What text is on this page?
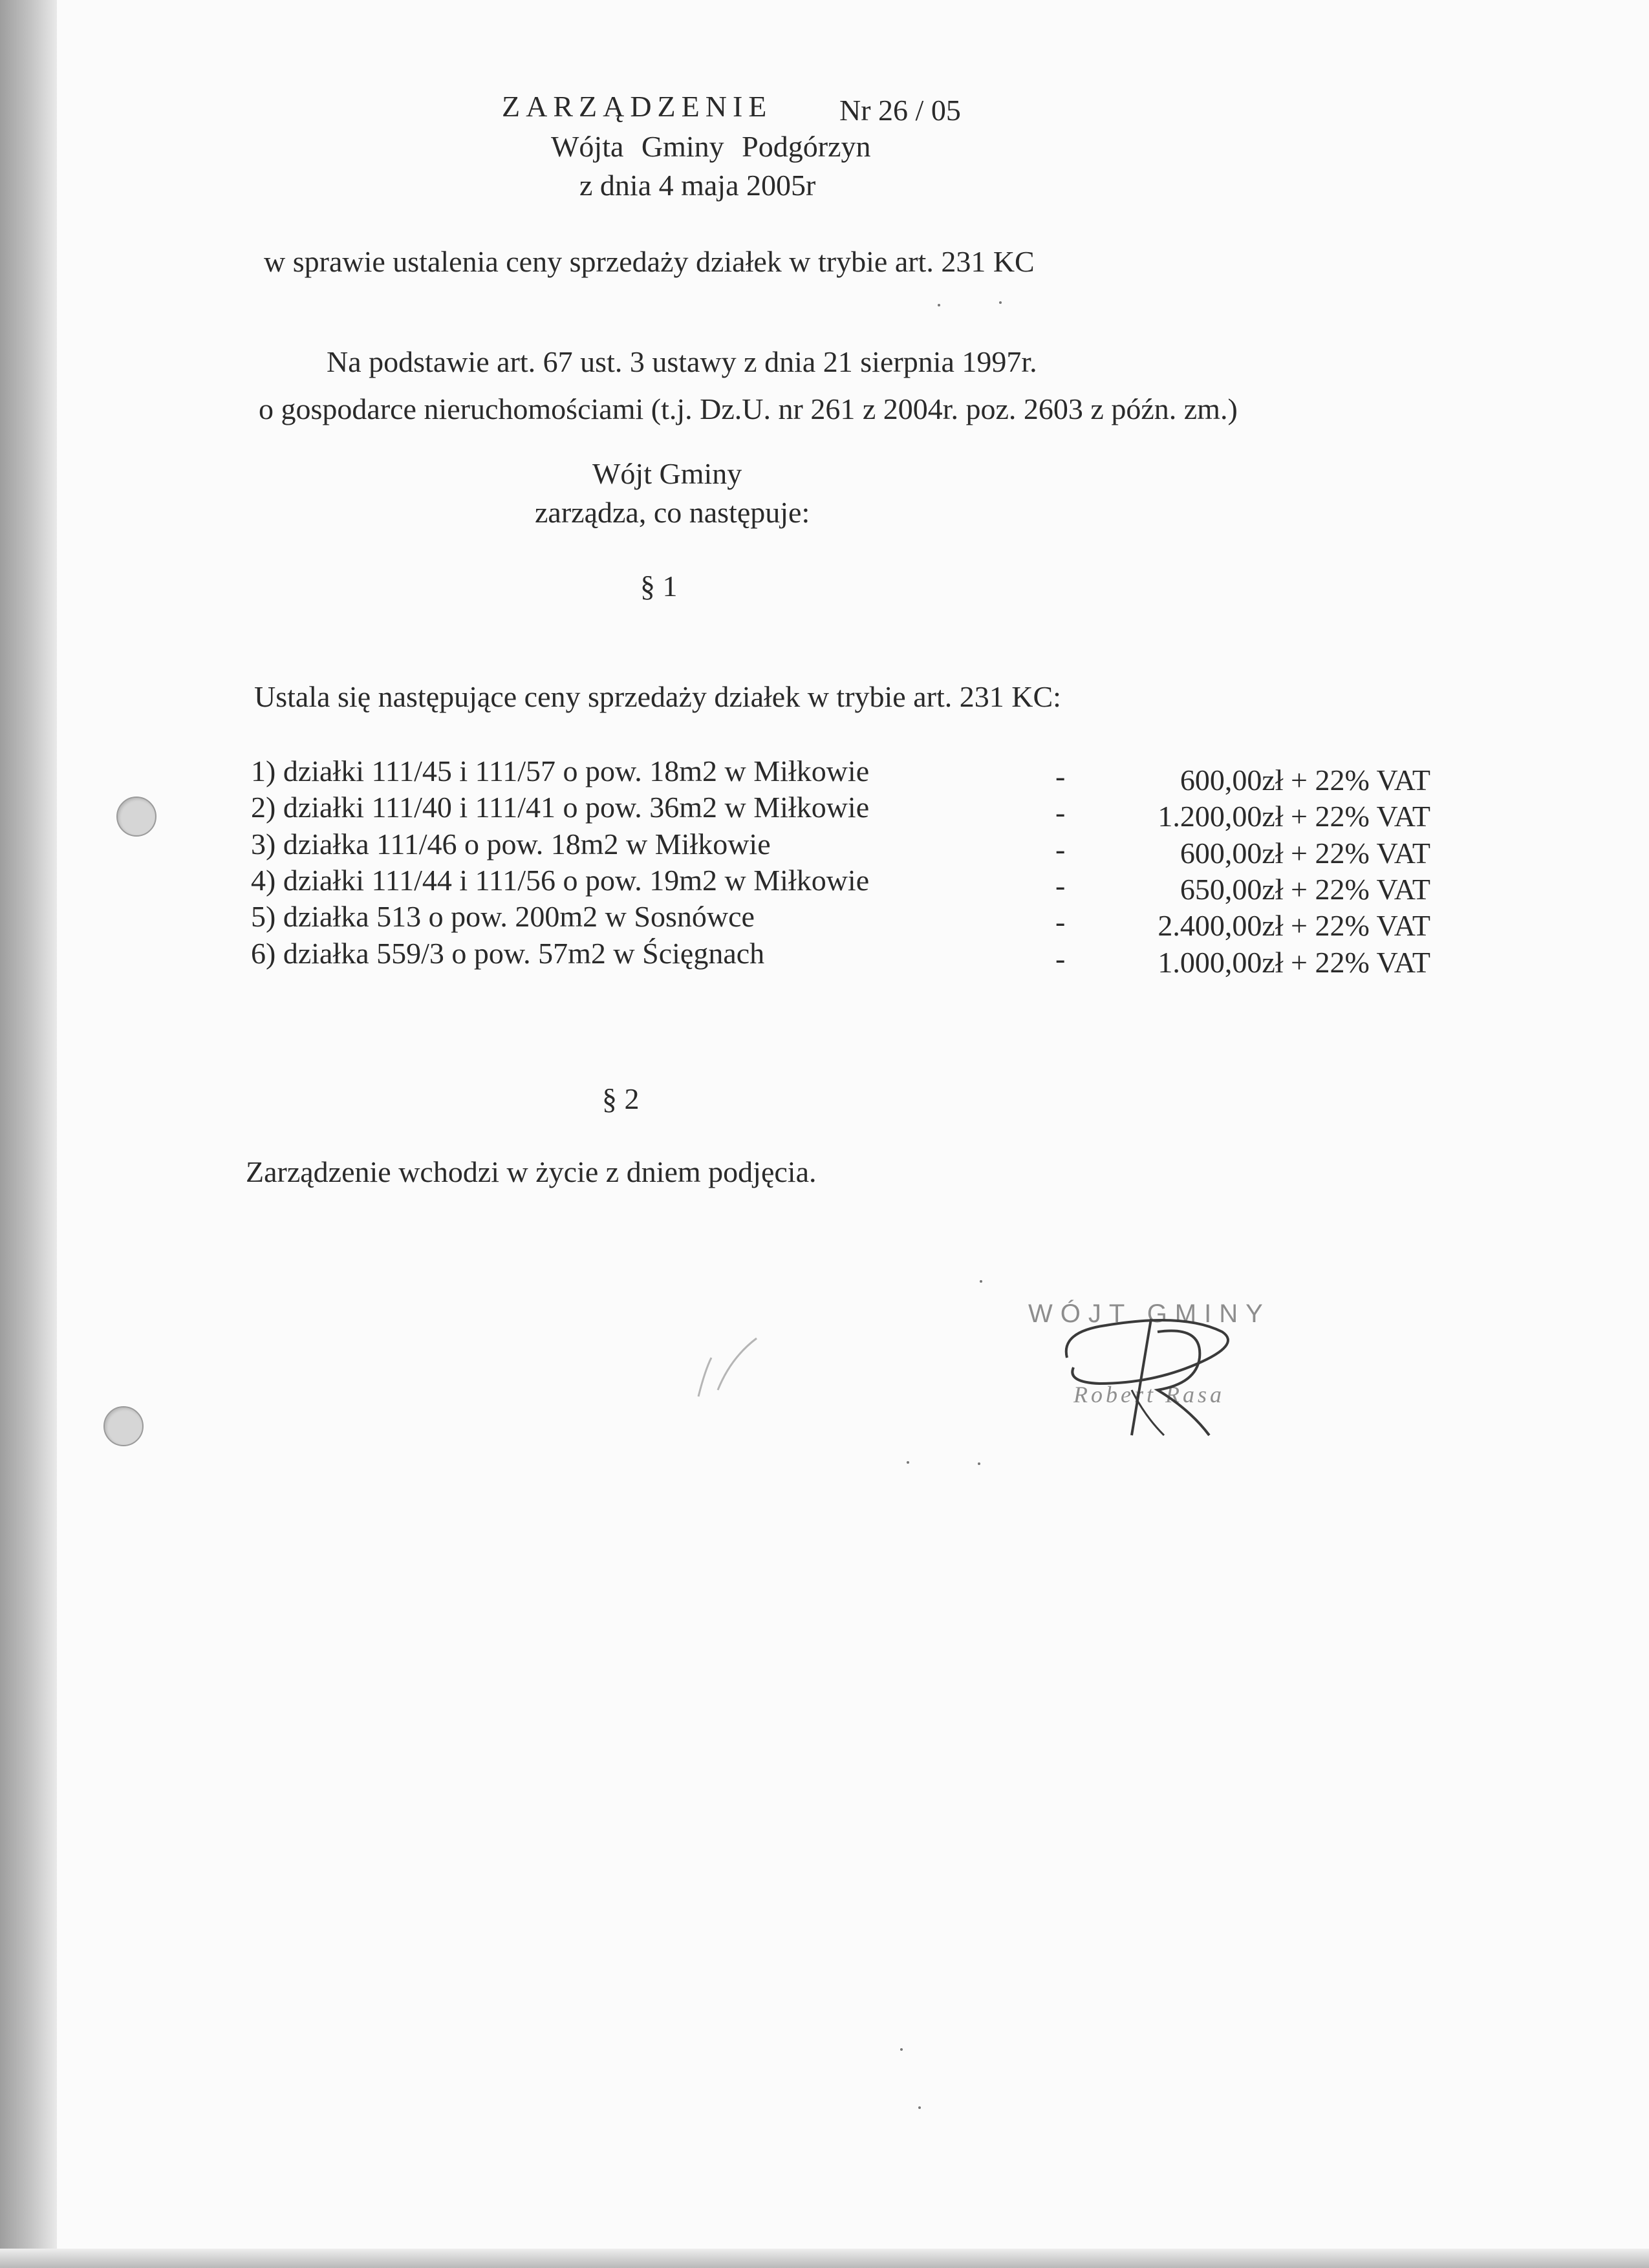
ZARZĄDZENIE Nr 26 / 05
Wójta Gminy Podgórzyn
z dnia 4 maja 2005r
w sprawie ustalenia ceny sprzedaży działek w trybie art. 231 KC
Na podstawie art. 67 ust. 3 ustawy z dnia 21 sierpnia 1997r.
o gospodarce nieruchomościami (t.j. Dz.U. nr 261 z 2004r. poz. 2603 z późn. zm.)
Wójt Gminy
zarządza, co następuje:
§ 1
Ustala się następujące ceny sprzedaży działek w trybie art. 231 KC:
1) działki 111/45 i 111/57 o pow. 18m2 w Miłkowie	-	600,00zł + 22% VAT
2) działki 111/40 i 111/41 o pow. 36m2 w Miłkowie	-	1.200,00zł + 22% VAT
3) działka 111/46 o pow. 18m2 w Miłkowie	-	600,00zł + 22% VAT
4) działki 111/44 i 111/56 o pow. 19m2 w Miłkowie	-	650,00zł + 22% VAT
5) działka 513 o pow. 200m2 w Sosnówce	-	2.400,00zł + 22% VAT
6) działka 559/3 o pow. 57m2 w Ścięgnach	-	1.000,00zł + 22% VAT
§ 2
Zarządzenie wchodzi w życie z dniem podjęcia.
WÓJT GMINY
Robert Rasa
